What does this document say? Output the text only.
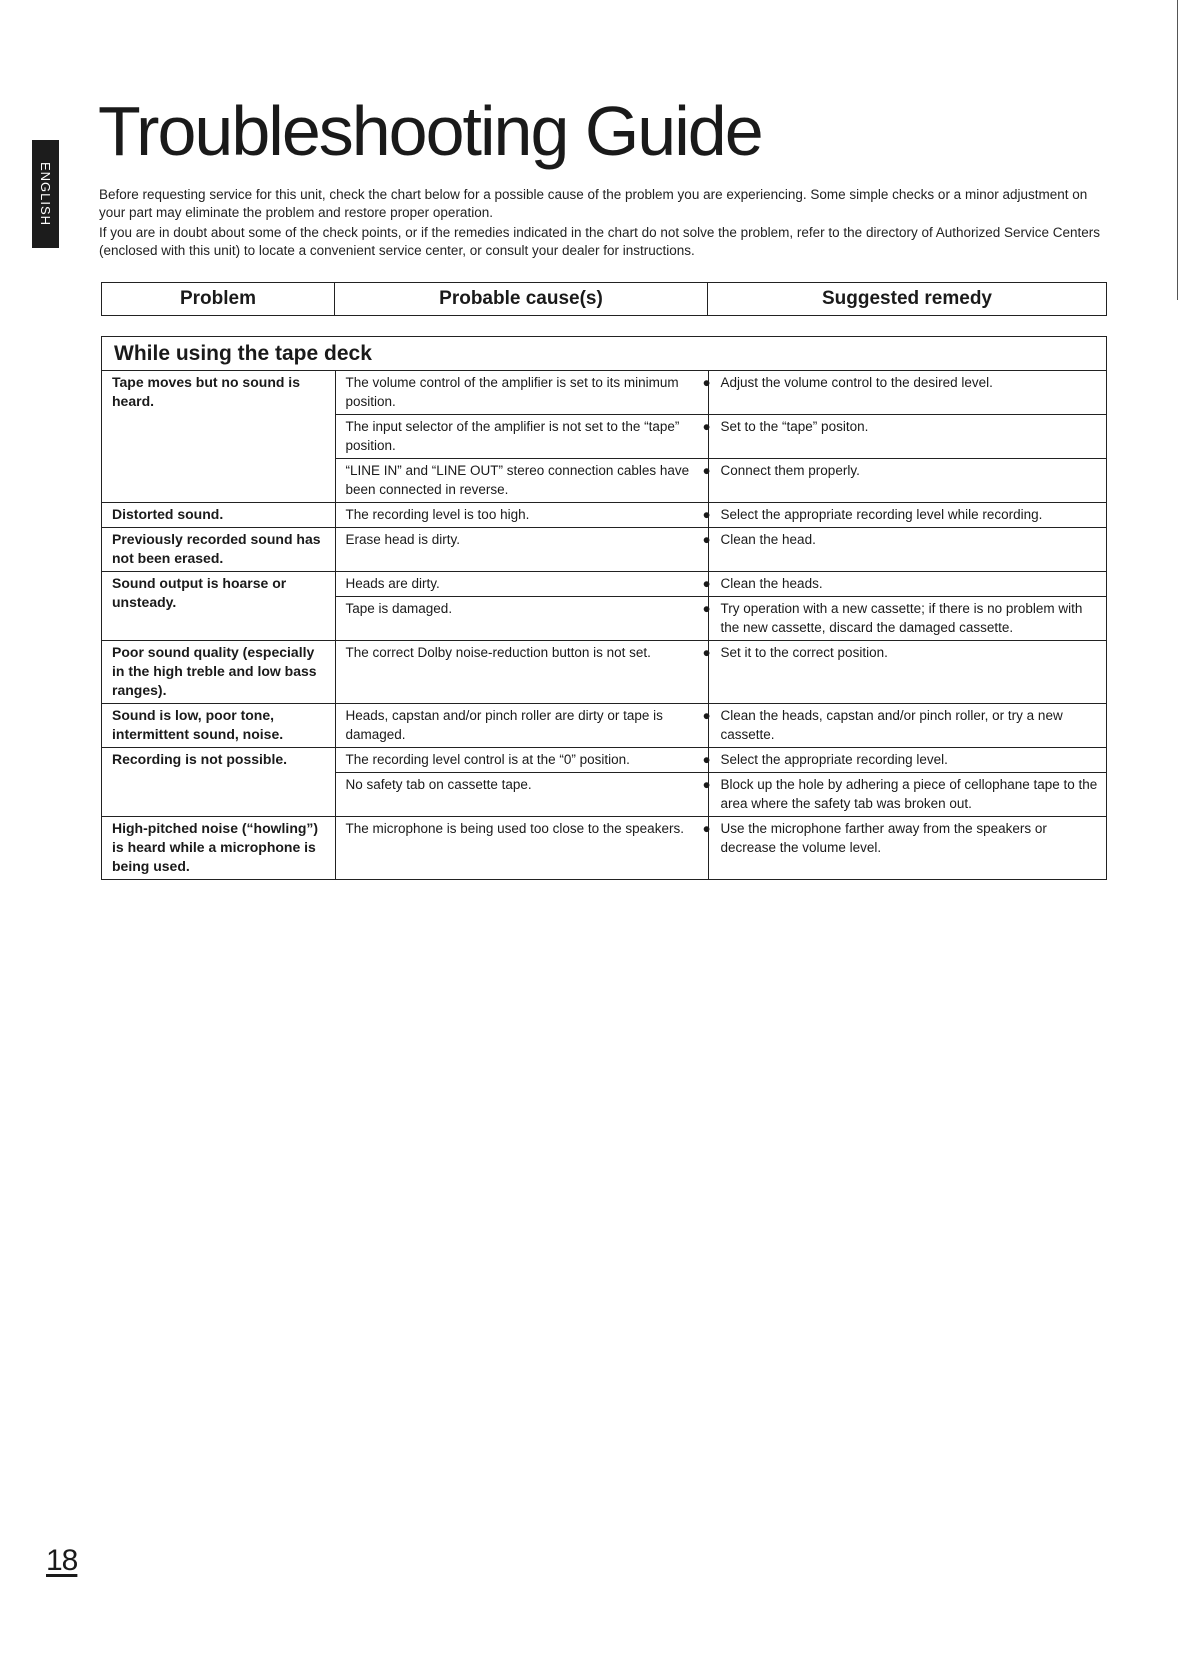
ENGLISH
Troubleshooting Guide

Before requesting service for this unit, check the chart below for a possible cause of the problem you are experiencing. Some simple checks or a minor adjustment on your part may eliminate the problem and restore proper operation.

If you are in doubt about some of the check points, or if the remedies indicated in the chart do not solve the problem, refer to the directory of Authorized Service Centers (enclosed with this unit) to locate a convenient service center, or consult your dealer for instructions.

Problem	Probable cause(s)	Suggested remedy
While using the tape deck
Tape moves but no sound is heard.	The volume control of the amplifier is set to its minimum position.	● Adjust the volume control to the desired level.
	The input selector of the amplifier is not set to the “tape” position.	● Set to the “tape” positon.
	“LINE IN” and “LINE OUT” stereo connection cables have been connected in reverse.	● Connect them properly.
Distorted sound.	The recording level is too high.	● Select the appropriate recording level while recording.
Previously recorded sound has not been erased.	Erase head is dirty.	● Clean the head.
Sound output is hoarse or unsteady.	Heads are dirty.	● Clean the heads.
	Tape is damaged.	● Try operation with a new cassette; if there is no problem with the new cassette, discard the damaged cassette.
Poor sound quality (especially in the high treble and low bass ranges).	The correct Dolby noise-reduction button is not set.	● Set it to the correct position.
Sound is low, poor tone, intermittent sound, noise.	Heads, capstan and/or pinch roller are dirty or tape is damaged.	● Clean the heads, capstan and/or pinch roller, or try a new cassette.
Recording is not possible.	The recording level control is at the “0” position.	● Select the appropriate recording level.
	No safety tab on cassette tape.	● Block up the hole by adhering a piece of cellophane tape to the area where the safety tab was broken out.
High-pitched noise (“howling”) is heard while a microphone is being used.	The microphone is being used too close to the speakers.	● Use the microphone farther away from the speakers or decrease the volume level.
18
